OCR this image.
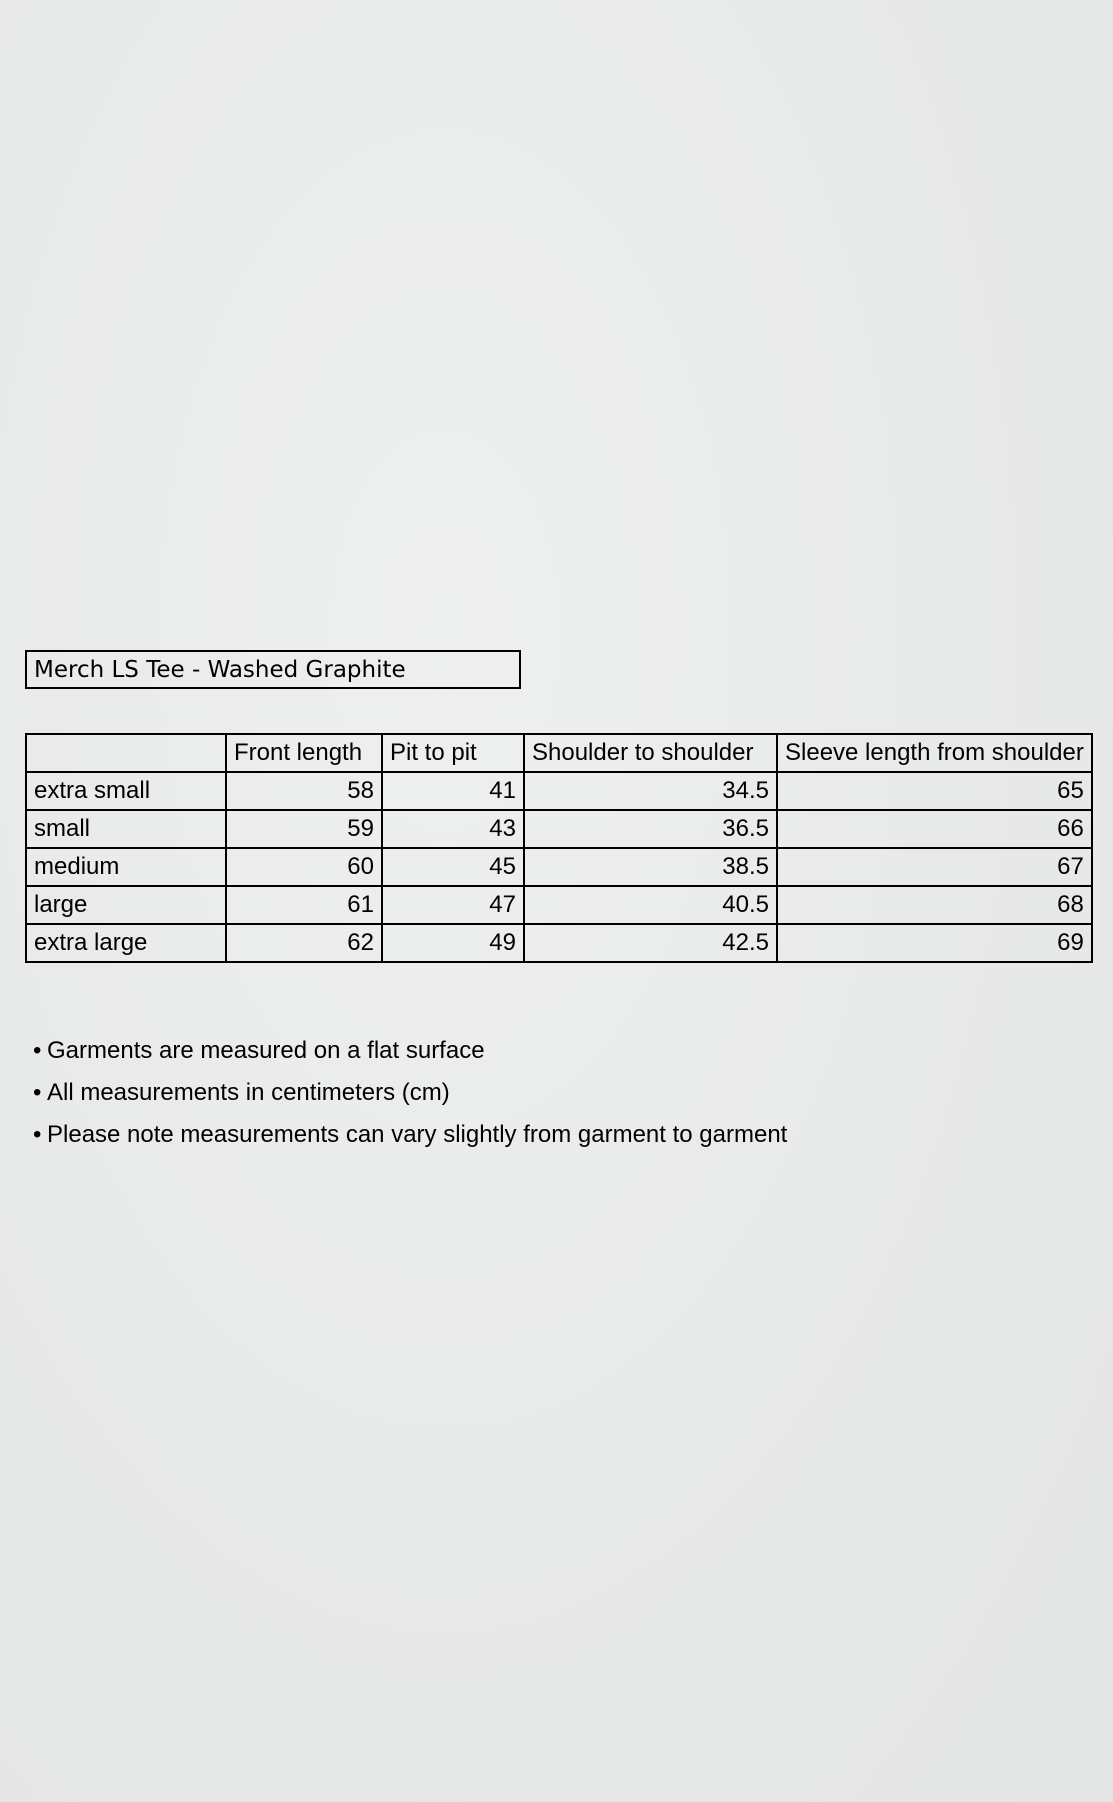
Merch LS Tee - Washed Graphite
	Front length	Pit to pit	Shoulder to shoulder	Sleeve length from shoulder
extra small	58	41	34.5	65
small	59	43	36.5	66
medium	60	45	38.5	67
large	61	47	40.5	68
extra large	62	49	42.5	69
• Garments are measured on a flat surface
• All measurements in centimeters (cm)
• Please note measurements can vary slightly from garment to garment
